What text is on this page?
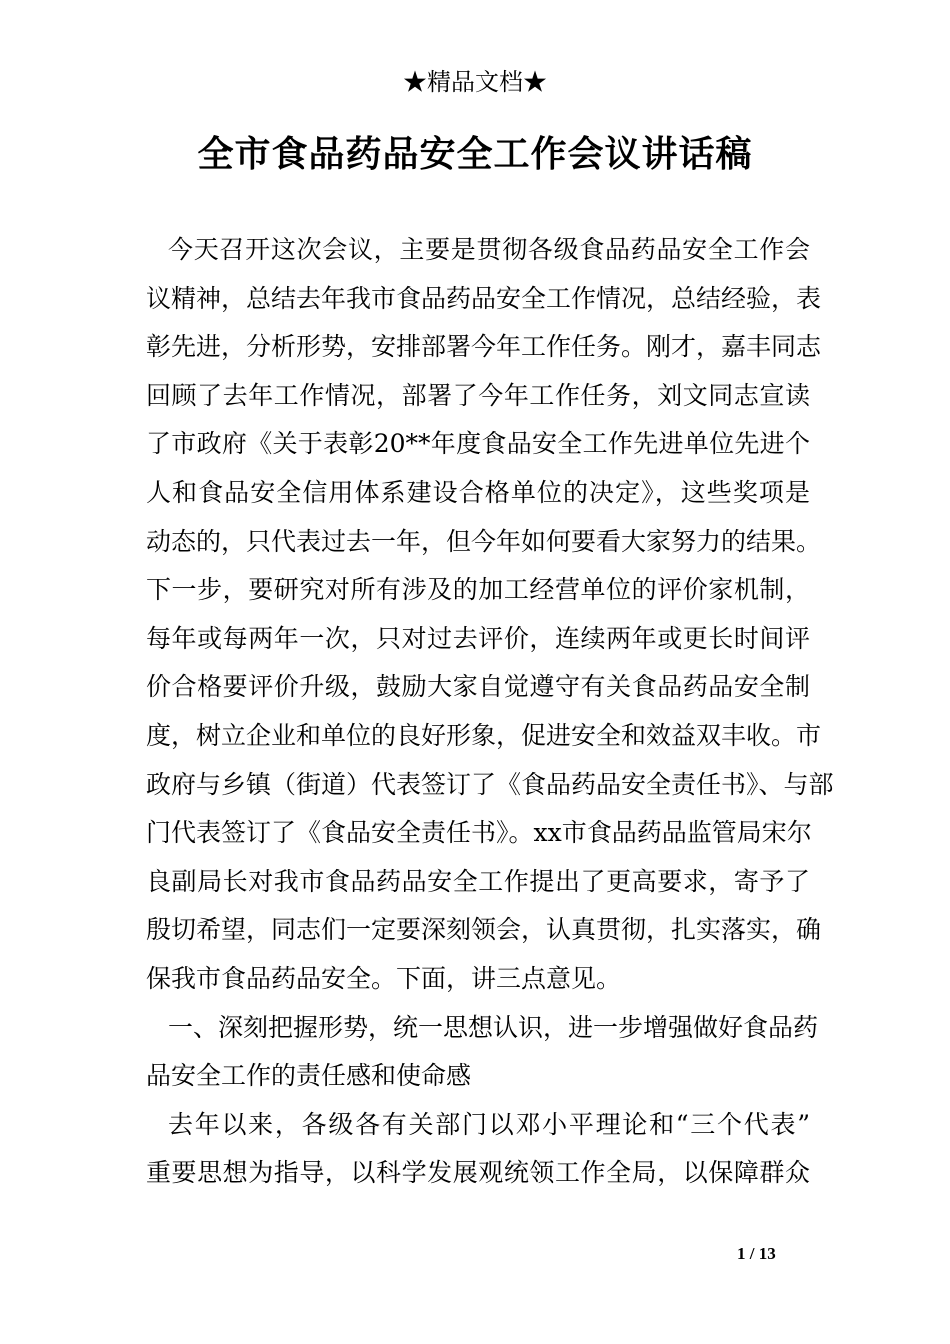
★精品文档★
全市食品药品安全工作会议讲话稿
今天召开这次会议，主要是贯彻各级食品药品安全工作会
议精神，总结去年我市食品药品安全工作情况，总结经验，表
彰先进，分析形势，安排部署今年工作任务。刚才，嘉丰同志
回顾了去年工作情况，部署了今年工作任务，刘文同志宣读
了市政府《关于表彰20**年度食品安全工作先进单位先进个
人和食品安全信用体系建设合格单位的决定》，这些奖项是
动态的，只代表过去一年，但今年如何要看大家努力的结果。
下一步，要研究对所有涉及的加工经营单位的评价家机制，
每年或每两年一次，只对过去评价，连续两年或更长时间评
价合格要评价升级，鼓励大家自觉遵守有关食品药品安全制
度，树立企业和单位的良好形象，促进安全和效益双丰收。市
政府与乡镇（街道）代表签订了《食品药品安全责任书》、与部
门代表签订了《食品安全责任书》。xx市食品药品监管局宋尔
良副局长对我市食品药品安全工作提出了更高要求，寄予了
殷切希望，同志们一定要深刻领会，认真贯彻，扎实落实，确
保我市食品药品安全。下面，讲三点意见。
一、深刻把握形势，统一思想认识，进一步增强做好食品药
品安全工作的责任感和使命感
去年以来，各级各有关部门以邓小平理论和“三个代表”
重要思想为指导，以科学发展观统领工作全局，以保障群众
1 / 13
